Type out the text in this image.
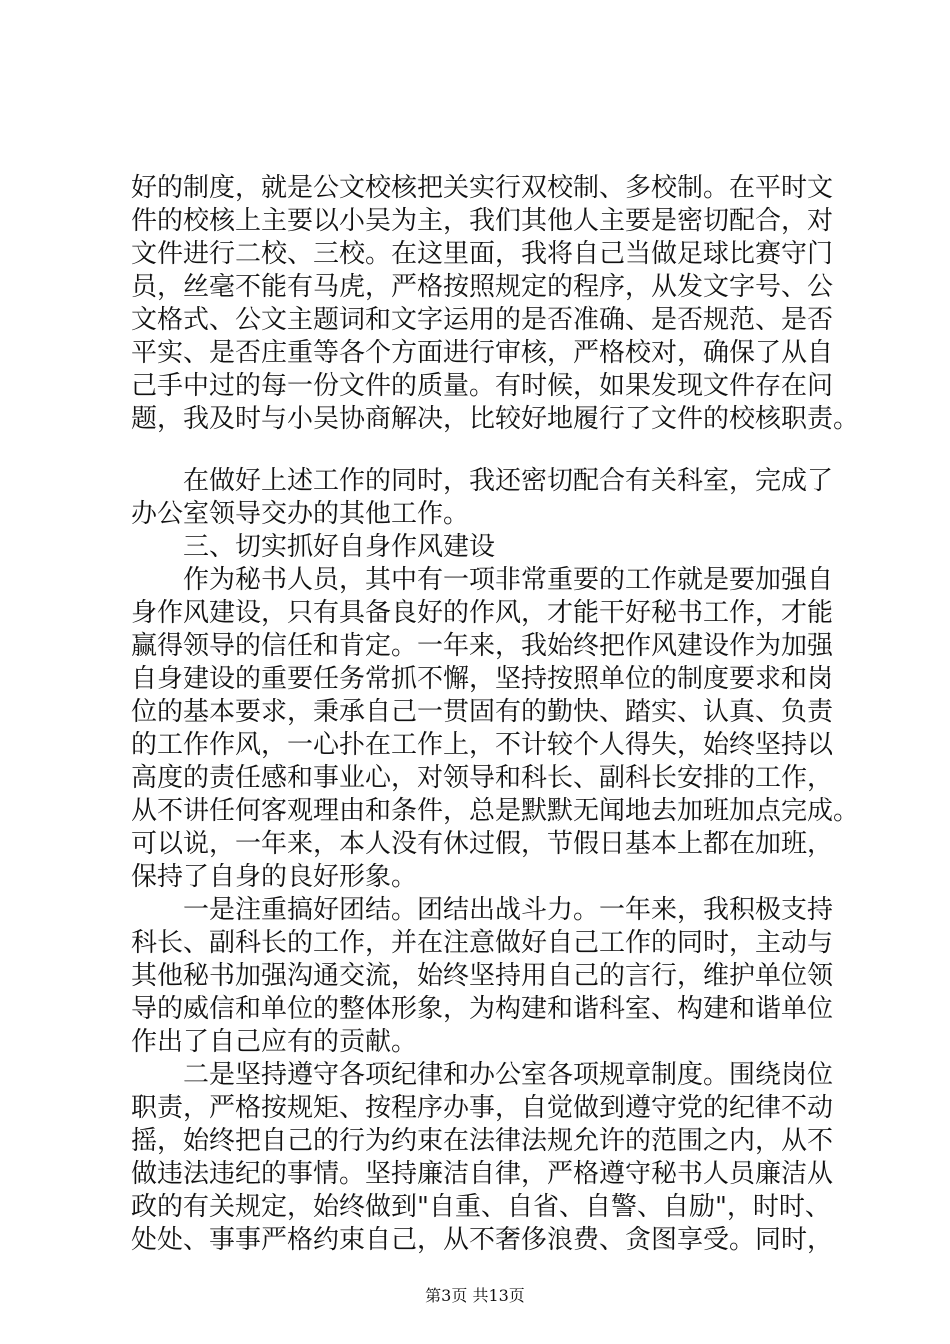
好的制度，就是公文校核把关实行双校制、多校制。在平时文
件的校核上主要以小吴为主，我们其他人主要是密切配合，对
文件进行二校、三校。在这里面，我将自己当做足球比赛守门
员，丝毫不能有马虎，严格按照规定的程序，从发文字号、公
文格式、公文主题词和文字运用的是否准确、是否规范、是否
平实、是否庄重等各个方面进行审核，严格校对，确保了从自
己手中过的每一份文件的质量。有时候，如果发现文件存在问
题，我及时与小吴协商解决，比较好地履行了文件的校核职责。
在做好上述工作的同时，我还密切配合有关科室，完成了
办公室领导交办的其他工作。
三、切实抓好自身作风建设
作为秘书人员，其中有一项非常重要的工作就是要加强自
身作风建设，只有具备良好的作风，才能干好秘书工作，才能
赢得领导的信任和肯定。一年来，我始终把作风建设作为加强
自身建设的重要任务常抓不懈，坚持按照单位的制度要求和岗
位的基本要求，秉承自己一贯固有的勤快、踏实、认真、负责
的工作作风，一心扑在工作上，不计较个人得失，始终坚持以
高度的责任感和事业心，对领导和科长、副科长安排的工作，
从不讲任何客观理由和条件，总是默默无闻地去加班加点完成。
可以说，一年来，本人没有休过假，节假日基本上都在加班，
保持了自身的良好形象。
一是注重搞好团结。团结出战斗力。一年来，我积极支持
科长、副科长的工作，并在注意做好自己工作的同时，主动与
其他秘书加强沟通交流，始终坚持用自己的言行，维护单位领
导的威信和单位的整体形象，为构建和谐科室、构建和谐单位
作出了自己应有的贡献。
二是坚持遵守各项纪律和办公室各项规章制度。围绕岗位
职责，严格按规矩、按程序办事，自觉做到遵守党的纪律不动
摇，始终把自己的行为约束在法律法规允许的范围之内，从不
做违法违纪的事情。坚持廉洁自律，严格遵守秘书人员廉洁从
政的有关规定，始终做到"自重、自省、自警、自励"，时时、
处处、事事严格约束自己，从不奢侈浪费、贪图享受。同时，
第3页 共13页
